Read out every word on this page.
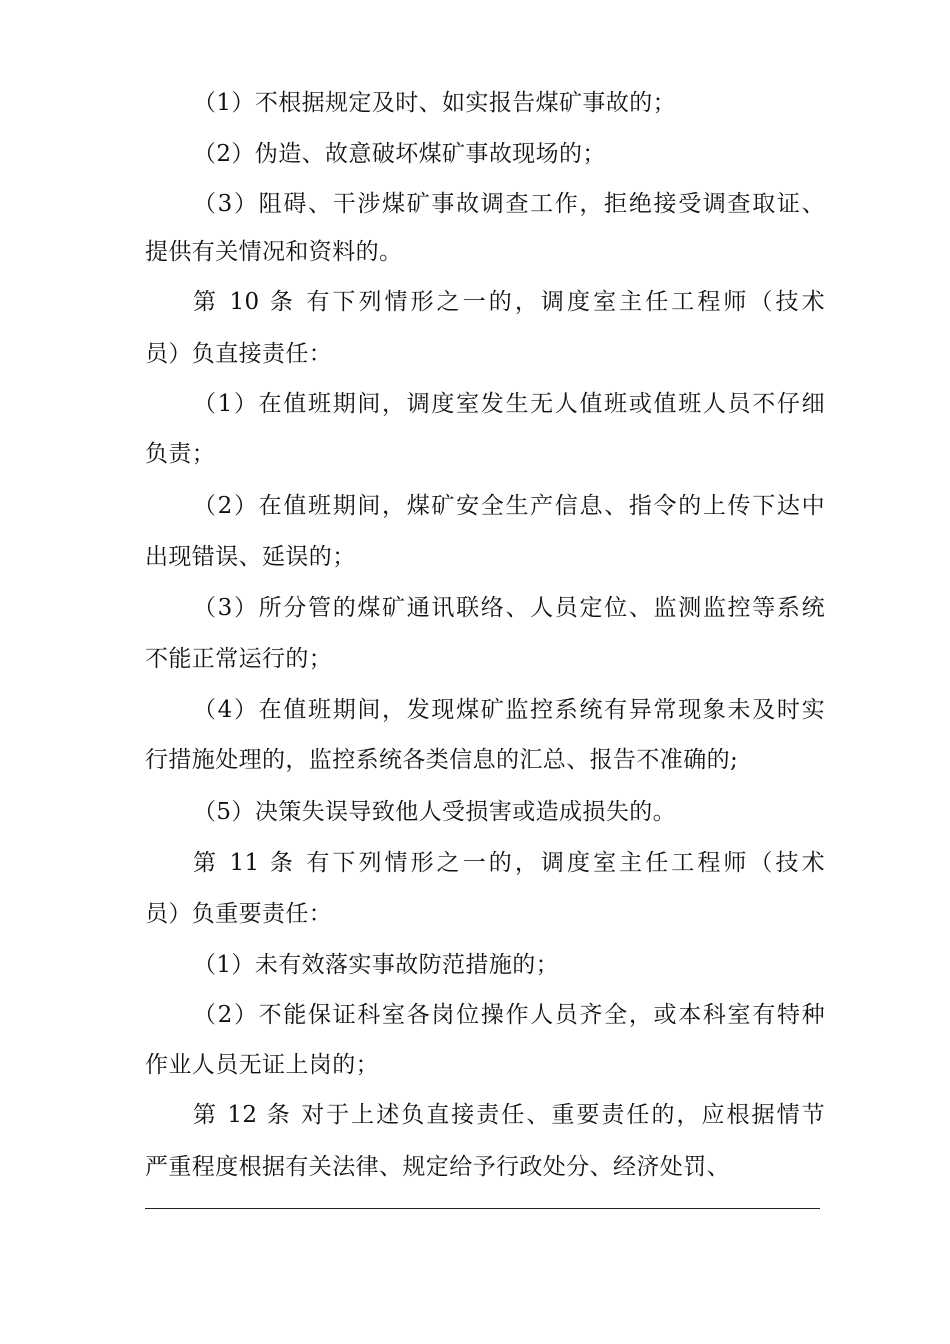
（1）不根据规定及时、如实报告煤矿事故的；
（2）伪造、故意破坏煤矿事故现场的；
（3）阻碍、干涉煤矿事故调查工作，拒绝接受调查取证、
提供有关情况和资料的。
第 10 条 有下列情形之一的，调度室主任工程师（技术
员）负直接责任：
（1）在值班期间，调度室发生无人值班或值班人员不仔细
负责；
（2）在值班期间，煤矿安全生产信息、指令的上传下达中
出现错误、延误的；
（3）所分管的煤矿通讯联络、人员定位、监测监控等系统
不能正常运行的；
（4）在值班期间，发现煤矿监控系统有异常现象未及时实
行措施处理的，监控系统各类信息的汇总、报告不准确的;
（5）决策失误导致他人受损害或造成损失的。
第 11 条 有下列情形之一的，调度室主任工程师（技术
员）负重要责任：
（1）未有效落实事故防范措施的；
（2）不能保证科室各岗位操作人员齐全，或本科室有特种
作业人员无证上岗的；
第 12 条 对于上述负直接责任、重要责任的，应根据情节
严重程度根据有关法律、规定给予行政处分、经济处罚、
